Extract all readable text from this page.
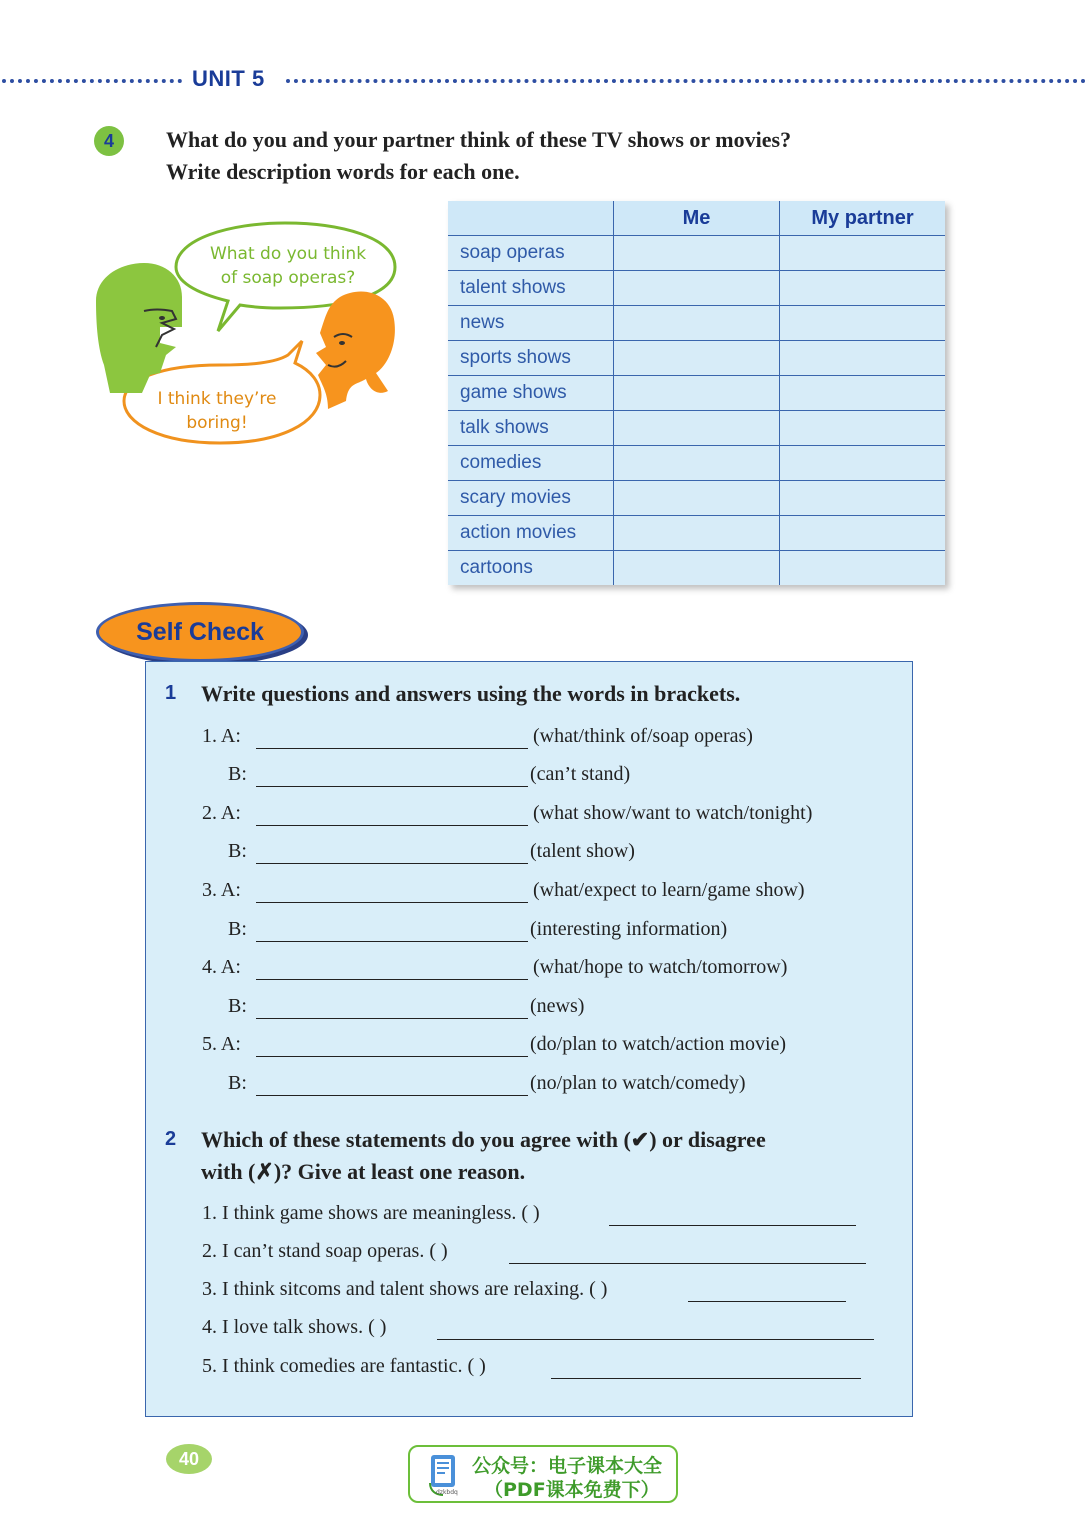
UNIT 5
4	What do you and your partner think of these TV shows or movies?
Write description words for each one.
What do you think
of soap operas?
I think they’re
boring!
	Me	My partner
soap operas		
talent shows		
news		
sports shows		
game shows		
talk shows		
comedies		
scary movies		
action movies		
cartoons		
Self Check
1 Write questions and answers using the words in brackets.
1. A:	(what/think of/soap operas)
B:	(can’t stand)
2. A:	(what show/want to watch/tonight)
B:	(talent show)
3. A:	(what/expect to learn/game show)
B:	(interesting information)
4. A:	(what/hope to watch/tomorrow)
B:	(news)
5. A:	(do/plan to watch/action movie)
B:	(no/plan to watch/comedy)
2 Which of these statements do you agree with (✔) or disagree
with (✗)? Give at least one reason.
1. I think game shows are meaningless. ( )
2. I can’t stand soap operas. ( )
3. I think sitcoms and talent shows are relaxing. ( )
4. I love talk shows. ( )
5. I think comedies are fantastic. ( )
40
dzkbdq
公众号：电子课本大全
（PDF课本免费下）
